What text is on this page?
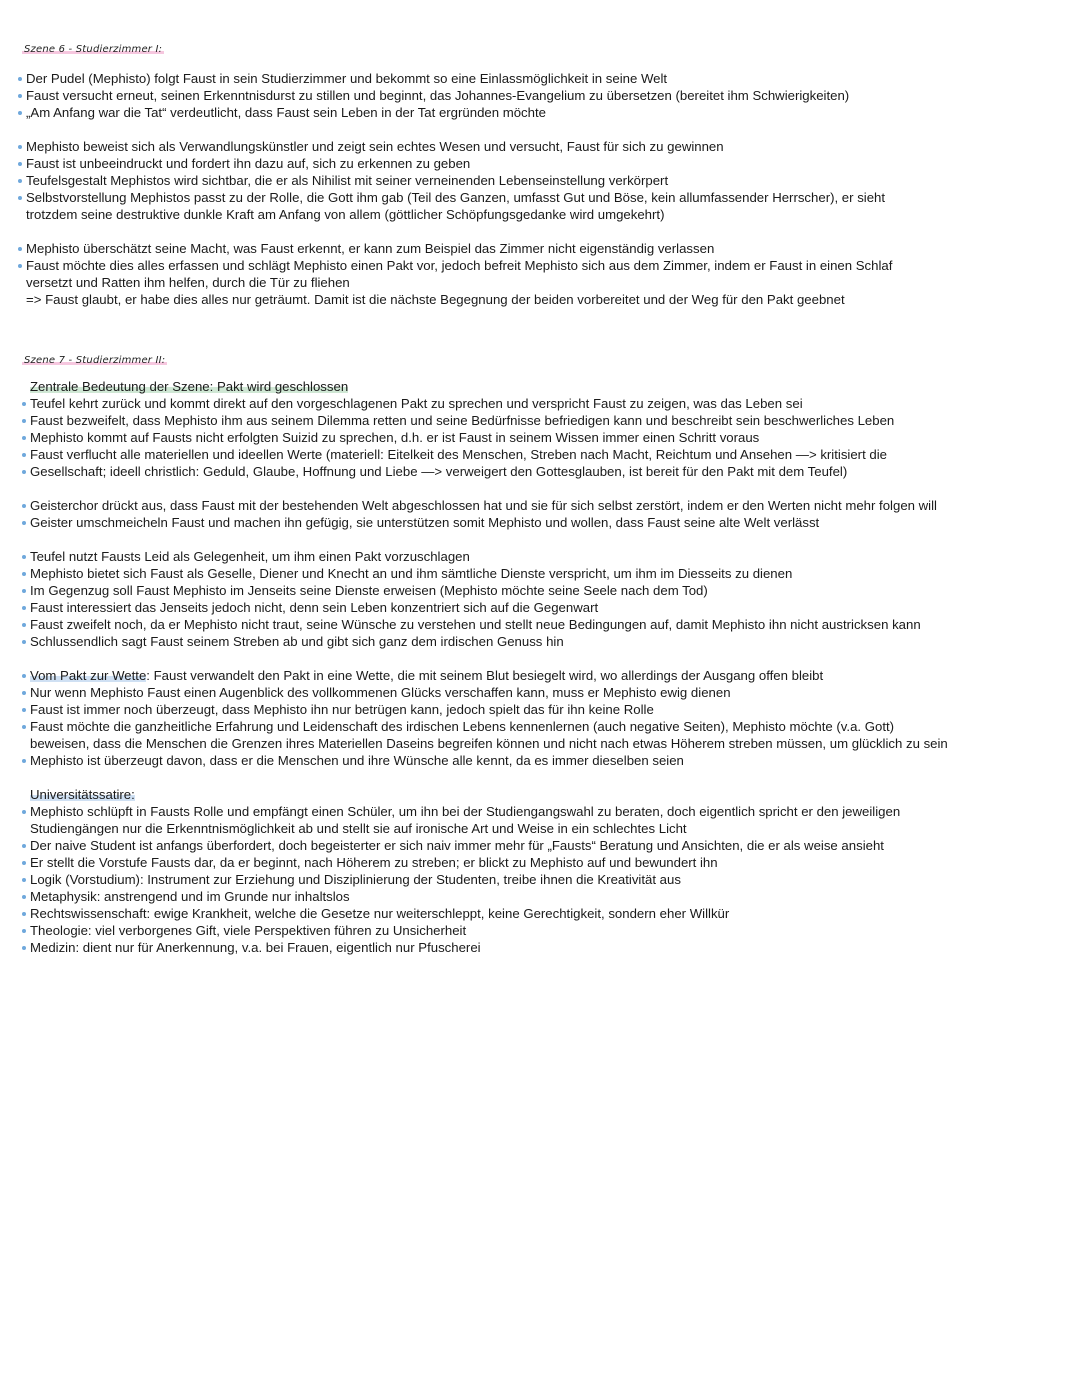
Szene 6 - Studierzimmer I:
Der Pudel (Mephisto) folgt Faust in sein Studierzimmer und bekommt so eine Einlassmöglichkeit in seine Welt
Faust versucht erneut, seinen Erkenntnisdurst zu stillen und beginnt, das Johannes-Evangelium zu übersetzen (bereitet ihm Schwierigkeiten)
„Am Anfang war die Tat“ verdeutlicht, dass Faust sein Leben in der Tat ergründen möchte
Mephisto beweist sich als Verwandlungskünstler und zeigt sein echtes Wesen und versucht, Faust für sich zu gewinnen
Faust ist unbeeindruckt und fordert ihn dazu auf, sich zu erkennen zu geben
Teufelsgestalt Mephistos wird sichtbar, die er als Nihilist mit seiner verneinenden Lebenseinstellung verkörpert
Selbstvorstellung Mephistos passt zu der Rolle, die Gott ihm gab (Teil des Ganzen, umfasst Gut und Böse, kein allumfassender Herrscher), er sieht
trotzdem seine destruktive dunkle Kraft am Anfang von allem (göttlicher Schöpfungsgedanke wird umgekehrt)
Mephisto überschätzt seine Macht, was Faust erkennt, er kann zum Beispiel das Zimmer nicht eigenständig verlassen
Faust möchte dies alles erfassen und schlägt Mephisto einen Pakt vor, jedoch befreit Mephisto sich aus dem Zimmer, indem er Faust in einen Schlaf
versetzt und Ratten ihm helfen, durch die Tür zu fliehen
=> Faust glaubt, er habe dies alles nur geträumt. Damit ist die nächste Begegnung der beiden vorbereitet und der Weg für den Pakt geebnet
Szene 7 - Studierzimmer II:
Zentrale Bedeutung der Szene: Pakt wird geschlossen
Teufel kehrt zurück und kommt direkt auf den vorgeschlagenen Pakt zu sprechen und verspricht Faust zu zeigen, was das Leben sei
Faust bezweifelt, dass Mephisto ihm aus seinem Dilemma retten und seine Bedürfnisse befriedigen kann und beschreibt sein beschwerliches Leben
Mephisto kommt auf Fausts nicht erfolgten Suizid zu sprechen, d.h. er ist Faust in seinem Wissen immer einen Schritt voraus
Faust verflucht alle materiellen und ideellen Werte (materiell: Eitelkeit des Menschen, Streben nach Macht, Reichtum und Ansehen —> kritisiert die
Gesellschaft; ideell christlich: Geduld, Glaube, Hoffnung und Liebe —> verweigert den Gottesglauben, ist bereit für den Pakt mit dem Teufel)
Geisterchor drückt aus, dass Faust mit der bestehenden Welt abgeschlossen hat und sie für sich selbst zerstört, indem er den Werten nicht mehr folgen will
Geister umschmeicheln Faust und machen ihn gefügig, sie unterstützen somit Mephisto und wollen, dass Faust seine alte Welt verlässt
Teufel nutzt Fausts Leid als Gelegenheit, um ihm einen Pakt vorzuschlagen
Mephisto bietet sich Faust als Geselle, Diener und Knecht an und ihm sämtliche Dienste verspricht, um ihm im Diesseits zu dienen
Im Gegenzug soll Faust Mephisto im Jenseits seine Dienste erweisen (Mephisto möchte seine Seele nach dem Tod)
Faust interessiert das Jenseits jedoch nicht, denn sein Leben konzentriert sich auf die Gegenwart
Faust zweifelt noch, da er Mephisto nicht traut, seine Wünsche zu verstehen und stellt neue Bedingungen auf, damit Mephisto ihn nicht austricksen kann
Schlussendlich sagt Faust seinem Streben ab und gibt sich ganz dem irdischen Genuss hin
Vom Pakt zur Wette: Faust verwandelt den Pakt in eine Wette, die mit seinem Blut besiegelt wird, wo allerdings der Ausgang offen bleibt
Nur wenn Mephisto Faust einen Augenblick des vollkommenen Glücks verschaffen kann, muss er Mephisto ewig dienen
Faust ist immer noch überzeugt, dass Mephisto ihn nur betrügen kann, jedoch spielt das für ihn keine Rolle
Faust möchte die ganzheitliche Erfahrung und Leidenschaft des irdischen Lebens kennenlernen (auch negative Seiten), Mephisto möchte (v.a. Gott)
beweisen, dass die Menschen die Grenzen ihres Materiellen Daseins begreifen können und nicht nach etwas Höherem streben müssen, um glücklich zu sein
Mephisto ist überzeugt davon, dass er die Menschen und ihre Wünsche alle kennt, da es immer dieselben seien
Universitätssatire:
Mephisto schlüpft in Fausts Rolle und empfängt einen Schüler, um ihn bei der Studiengangswahl zu beraten, doch eigentlich spricht er den jeweiligen
Studiengängen nur die Erkenntnismöglichkeit ab und stellt sie auf ironische Art und Weise in ein schlechtes Licht
Der naive Student ist anfangs überfordert, doch begeisterter er sich naiv immer mehr für „Fausts“ Beratung und Ansichten, die er als weise ansieht
Er stellt die Vorstufe Fausts dar, da er beginnt, nach Höherem zu streben; er blickt zu Mephisto auf und bewundert ihn
Logik (Vorstudium): Instrument zur Erziehung und Disziplinierung der Studenten, treibe ihnen die Kreativität aus
Metaphysik: anstrengend und im Grunde nur inhaltslos
Rechtswissenschaft: ewige Krankheit, welche die Gesetze nur weiterschleppt, keine Gerechtigkeit, sondern eher Willkür
Theologie: viel verborgenes Gift, viele Perspektiven führen zu Unsicherheit
Medizin: dient nur für Anerkennung, v.a. bei Frauen, eigentlich nur Pfuscherei
